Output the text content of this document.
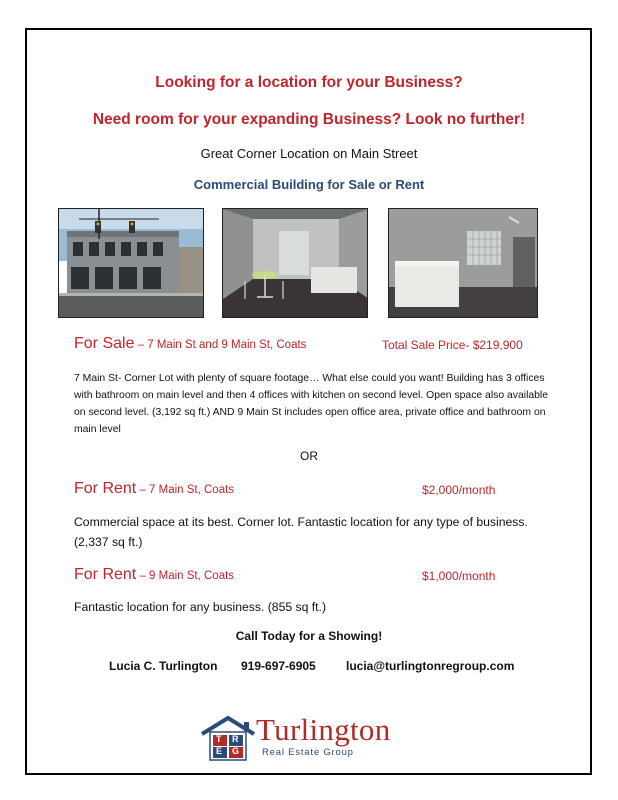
Looking for a location for your Business?
Need room for your expanding Business? Look no further!
Great Corner Location on Main Street
Commercial Building for Sale or Rent
For Sale – 7 Main St and 9 Main St, Coats	Total Sale Price- $219,900
7 Main St- Corner Lot with plenty of square footage… What else could you want! Building has 3 offices with bathroom on main level and then 4 offices with kitchen on second level. Open space also available on second level. (3,192 sq ft.) AND 9 Main St includes open office area, private office and bathroom on main level
OR
For Rent – 7 Main St, Coats	$2,000/month
Commercial space at its best. Corner lot. Fantastic location for any type of business. (2,337 sq ft.)
For Rent – 9 Main St, Coats	$1,000/month
Fantastic location for any business. (855 sq ft.)
Call Today for a Showing!
Lucia C. Turlington 919-697-6905	lucia@turlingtonregroup.com
T R
E G
Turlington
Real Estate Group
